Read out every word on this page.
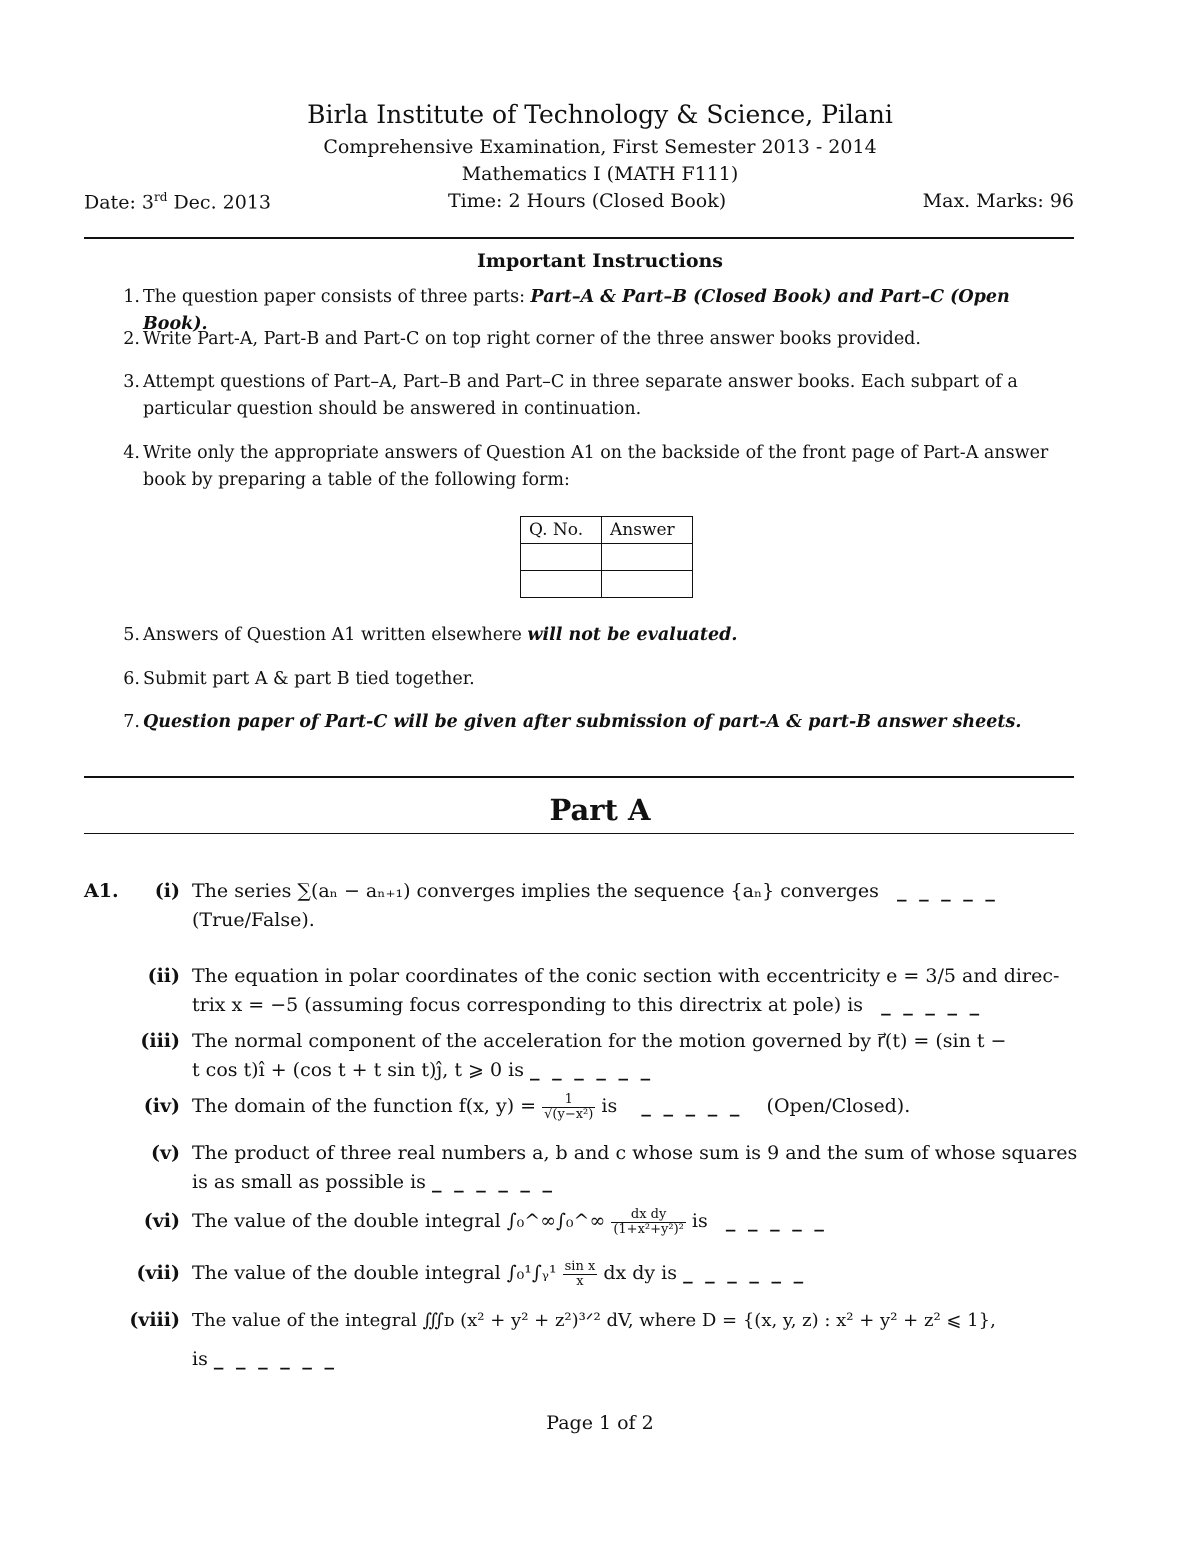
Birla Institute of Technology & Science, Pilani
Comprehensive Examination, First Semester 2013 - 2014
Mathematics I (MATH F111)
Date: 3rd Dec. 2013	Time: 2 Hours (Closed Book)	Max. Marks: 96
Important Instructions
1. The question paper consists of three parts: Part–A & Part–B (Closed Book) and Part–C (Open Book).
2. Write Part-A, Part-B and Part-C on top right corner of the three answer books provided.
3. Attempt questions of Part–A, Part–B and Part–C in three separate answer books. Each subpart of a particular question should be answered in continuation.
4. Write only the appropriate answers of Question A1 on the backside of the front page of Part-A answer book by preparing a table of the following form:
Q. No.	Answer

5. Answers of Question A1 written elsewhere will not be evaluated.
6. Submit part A & part B tied together.
7. Question paper of Part-C will be given after submission of part-A & part-B answer sheets.
Part A
A1.	(i) The series ∑(aₙ − aₙ₊₁) converges implies the sequence {aₙ} converges _ _ _ _ _
(True/False).
(ii) The equation in polar coordinates of the conic section with eccentricity e = 3/5 and direc-
trix x = −5 (assuming focus corresponding to this directrix at pole) is _ _ _ _ _
(iii) The normal component of the acceleration for the motion governed by r⃗(t) = (sin t −
t cos t)î + (cos t + t sin t)ĵ, t ⩾ 0 is _ _ _ _ _ _
(iv) The domain of the function f(x, $y) = \frac{1}{\text{√(y−x²)}}$ is _ _ _ _ _ (Open/Closed).
(v) The product of three real numbers a, b and c whose sum is 9 and the sum of whose squares
is as small as possible is _ _ _ _ _ _
(vi) The value of the double integral ∫₀^∞∫₀^∞ $\frac{\text{dx dy}}{\text{(1+x²+y²)²}}$ is _ _ _ _ _
(vii) The value of the double integral ∫₀¹∫ᵧ¹ $\frac{\text{sin x}}{x}$ dx dy is _ _ _ _ _ _
(viii) The value of the integral ∭ᴅ (x² + y² + z²)³ᐟ² dV, where D = {(x, y, z) : x² + y² + z² ⩽ 1},
is _ _ _ _ _ _
Page 1 of 2
